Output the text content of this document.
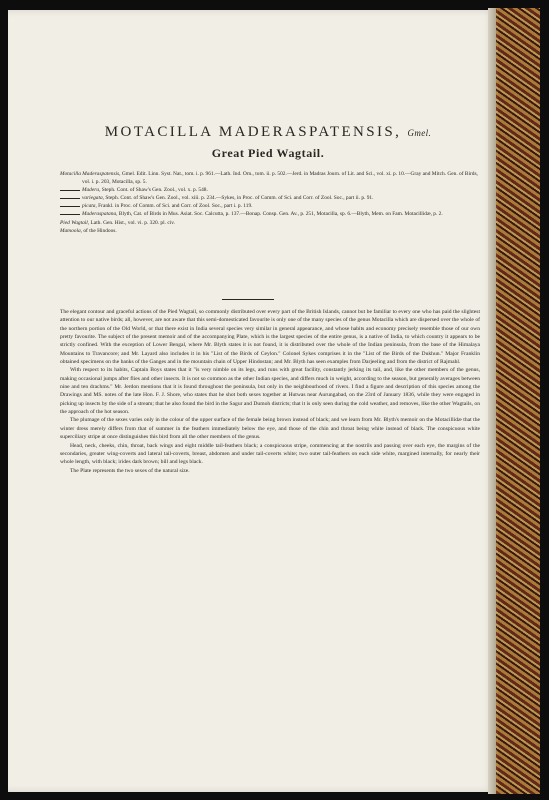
MOTACILLA MADERASPATENSIS, Gmel.
Great Pied Wagtail.

Motacilla Maderaspatensis, Gmel. Edit. Linn. Syst. Nat., tom. i. p. 961.—Lath. Ind. Orn., tom. ii. p. 502.—Jerd. in Madras Journ. of Lit. and Sci., vol. xi. p. 10.—Gray and Mitch. Gen. of Birds, vol. i. p. 203, Motacilla, sp. 5.

Madera, Steph. Cont. of Shaw's Gen. Zool., vol. x. p. 548.

variegata, Steph. Cont. of Shaw's Gen. Zool., vol. xiii. p. 234.—Sykes, in Proc. of Comm. of Sci. and Corr. of Zool. Soc., part ii. p. 91.

picata, Frankl. in Proc. of Comm. of Sci. and Corr. of Zool. Soc., part i. p. 119.

Maderaspatana, Blyth, Cat. of Birds in Mus. Asiat. Soc. Calcutta, p. 137.—Bonap. Consp. Gen. Av., p. 251, Motacilla, sp. 6.—Blyth, Mem. on Fam. Motacillidæ, p. 2.

Pied Wagtail, Lath. Gen. Hist., vol. vi. p. 320. pl. civ.

Mamoola, of the Hindoos.

The elegant contour and graceful actions of the Pied Wagtail, so commonly distributed over every part of the British Islands, cannot but be familiar to every one who has paid the slightest attention to our native birds; all, however, are not aware that this semi-domesticated favourite is only one of the many species of the genus Motacilla which are dispersed over the whole of the northern portion of the Old World, or that there exist in India several species very similar in general appearance, and whose habits and economy precisely resemble those of our own pretty favourite. The subject of the present memoir and of the accompanying Plate, which is the largest species of the entire genus, is a native of India, to which country it appears to be strictly confined. With the exception of Lower Bengal, where Mr. Blyth states it is not found, it is distributed over the whole of the Indian peninsula, from the base of the Himalaya Mountains to Travancore; and Mr. Layard also includes it in his "List of the Birds of Ceylon." Colonel Sykes comprises it in the "List of the Birds of the Dukhun." Major Franklin obtained specimens on the banks of the Ganges and in the mountain chain of Upper Hindostan; and Mr. Blyth has seen examples from Darjeeling and from the district of Rajmahl.

With respect to its habits, Captain Boys states that it "is very nimble on its legs, and runs with great facility, constantly jerking its tail, and, like the other members of the genus, making occasional jumps after flies and other insects. It is not so common as the other Indian species, and differs much in weight, according to the season, but generally averages between nine and ten drachms." Mr. Jerdon mentions that it is found throughout the peninsula, but only in the neighbourhood of rivers. I find a figure and description of this species among the Drawings and MS. notes of the late Hon. F. J. Shore, who states that he shot both sexes together at Hutwas near Aurungabad, on the 23rd of January 1836, while they were engaged in picking up insects by the side of a stream; that he also found the bird in the Sagur and Dumoh districts; that it is only seen during the cold weather, and removes, like the other Wagtails, on the approach of the hot season.

The plumage of the sexes varies only in the colour of the upper surface of the female being brown instead of black; and we learn from Mr. Blyth's memoir on the Motacillidæ that the winter dress merely differs from that of summer in the feathers immediately below the eye, and those of the chin and throat being white instead of black. The conspicuous white superciliary stripe at once distinguishes this bird from all the other members of the genus.

Head, neck, cheeks, chin, throat, back wings and eight middle tail-feathers black; a conspicuous stripe, commencing at the nostrils and passing over each eye, the margins of the secondaries, greater wing-coverts and lateral tail-coverts, breast, abdomen and under tail-coverts white; two outer tail-feathers on each side white, margined internally, for nearly their whole length, with black; irides dark brown; bill and legs black.

The Plate represents the two sexes of the natural size.
